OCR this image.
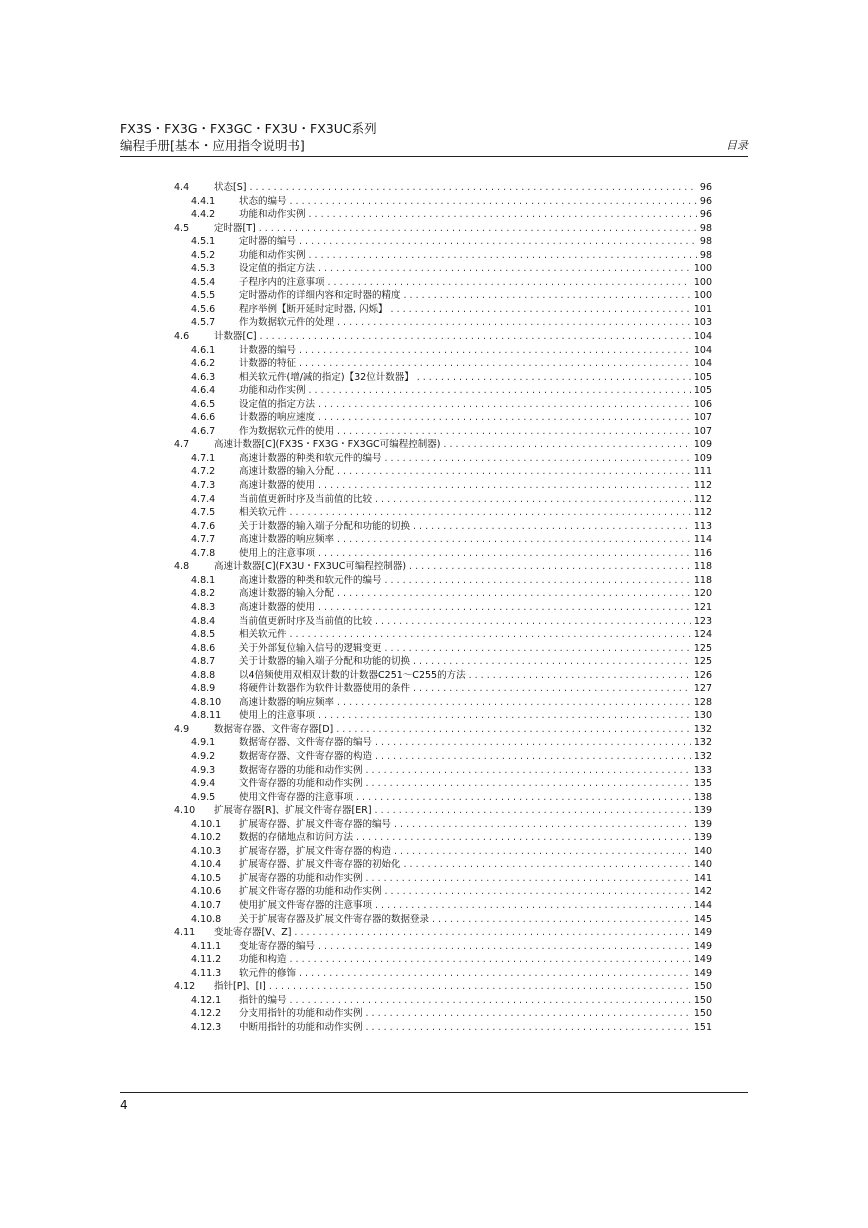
FX3S・FX3G・FX3GC・FX3U・FX3UC系列
编程手册[基本・应用指令说明书]	目录
4.4	状态[S] . . .	96
4.4.1	状态的编号 . . .	96
4.4.2	功能和动作实例 . . .	96
4.5	定时器[T] . . .	98
4.5.1	定时器的编号 . . .	98
4.5.2	功能和动作实例 . . .	98
4.5.3	设定值的指定方法 . . .	100
4.5.4	子程序内的注意事项 . . .	100
4.5.5	定时器动作的详细内容和定时器的精度 . . .	100
4.5.6	程序举例【断开延时定时器, 闪烁】 . . .	101
4.5.7	作为数据软元件的处理 . . .	103
4.6	计数器[C] . . .	104
4.6.1	计数器的编号 . . .	104
4.6.2	计数器的特征 . . .	104
4.6.3	相关软元件(增/减的指定)【32位计数器】 . . .	105
4.6.4	功能和动作实例 . . .	105
4.6.5	设定值的指定方法 . . .	106
4.6.6	计数器的响应速度 . . .	107
4.6.7	作为数据软元件的使用 . . .	107
4.7	高速计数器[C](FX3S・FX3G・FX3GC可编程控制器) . . .	109
4.7.1	高速计数器的种类和软元件的编号 . . .	109
4.7.2	高速计数器的输入分配 . . .	111
4.7.3	高速计数器的使用 . . .	112
4.7.4	当前值更新时序及当前值的比较 . . .	112
4.7.5	相关软元件 . . .	112
4.7.6	关于计数器的输入端子分配和功能的切换 . . .	113
4.7.7	高速计数器的响应频率 . . .	114
4.7.8	使用上的注意事项 . . .	116
4.8	高速计数器[C](FX3U・FX3UC可编程控制器) . . .	118
4.8.1	高速计数器的种类和软元件的编号 . . .	118
4.8.2	高速计数器的输入分配 . . .	120
4.8.3	高速计数器的使用 . . .	121
4.8.4	当前值更新时序及当前值的比较 . . .	123
4.8.5	相关软元件 . . .	124
4.8.6	关于外部复位输入信号的逻辑变更 . . .	125
4.8.7	关于计数器的输入端子分配和功能的切换 . . .	125
4.8.8	以4倍频使用双相双计数的计数器C251～C255的方法 . . .	126
4.8.9	将硬件计数器作为软件计数器使用的条件 . . .	127
4.8.10	高速计数器的响应频率 . . .	128
4.8.11	使用上的注意事项 . . .	130
4.9	数据寄存器、文件寄存器[D] . . .	132
4.9.1	数据寄存器、文件寄存器的编号 . . .	132
4.9.2	数据寄存器、文件寄存器的构造 . . .	132
4.9.3	数据寄存器的功能和动作实例 . . .	133
4.9.4	文件寄存器的功能和动作实例 . . .	135
4.9.5	使用文件寄存器的注意事项 . . .	138
4.10	扩展寄存器[R]、扩展文件寄存器[ER] . . .	139
4.10.1	扩展寄存器、扩展文件寄存器的编号 . . .	139
4.10.2	数据的存储地点和访问方法 . . .	139
4.10.3	扩展寄存器，扩展文件寄存器的构造 . . .	140
4.10.4	扩展寄存器、扩展文件寄存器的初始化 . . .	140
4.10.5	扩展寄存器的功能和动作实例 . . .	141
4.10.6	扩展文件寄存器的功能和动作实例 . . .	142
4.10.7	使用扩展文件寄存器的注意事项 . . .	144
4.10.8	关于扩展寄存器及扩展文件寄存器的数据登录 . . .	145
4.11	变址寄存器[V、Z] . . .	149
4.11.1	变址寄存器的编号 . . .	149
4.11.2	功能和构造 . . .	149
4.11.3	软元件的修饰 . . .	149
4.12	指针[P]、[I] . . .	150
4.12.1	指针的编号 . . .	150
4.12.2	分支用指针的功能和动作实例 . . .	150
4.12.3	中断用指针的功能和动作实例 . . .	151
4
